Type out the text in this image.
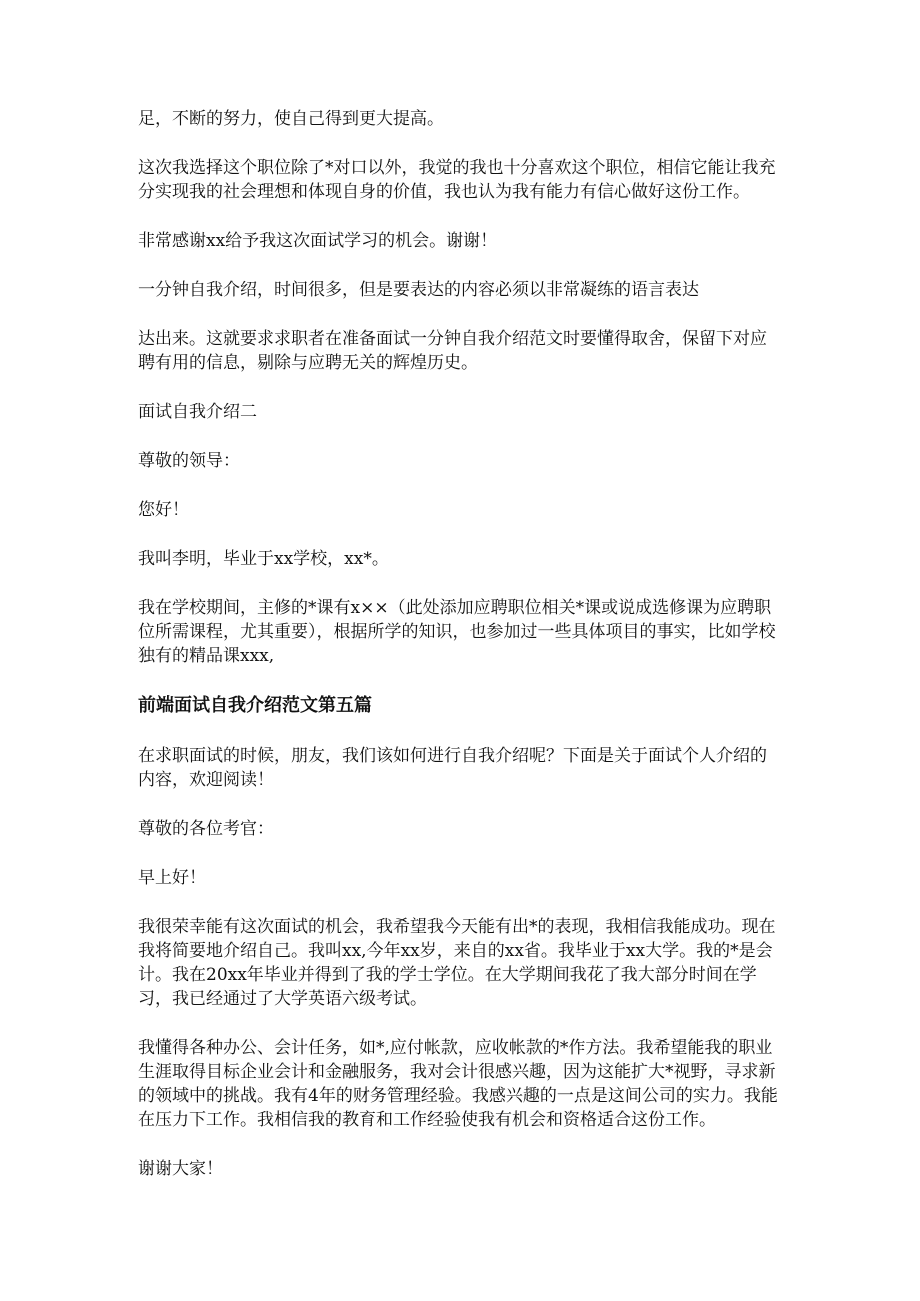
足，不断的努力，使自己得到更大提高。

这次我选择这个职位除了*对口以外，我觉的我也十分喜欢这个职位，相信它能让我充分实现我的社会理想和体现自身的价值，我也认为我有能力有信心做好这份工作。

非常感谢xx给予我这次面试学习的机会。谢谢！

一分钟自我介绍，时间很多，但是要表达的内容必须以非常凝练的语言表达

达出来。这就要求求职者在准备面试一分钟自我介绍范文时要懂得取舍，保留下对应聘有用的信息，剔除与应聘无关的辉煌历史。

面试自我介绍二

尊敬的领导：

您好！

我叫李明，毕业于xx学校，xx*。

我在学校期间，主修的*课有x××（此处添加应聘职位相关*课或说成选修课为应聘职位所需课程，尤其重要），根据所学的知识，也参加过一些具体项目的事实，比如学校独有的精品课xxx,

前端面试自我介绍范文第五篇

在求职面试的时候，朋友，我们该如何进行自我介绍呢？下面是关于面试个人介绍的内容，欢迎阅读！

尊敬的各位考官：

早上好！

我很荣幸能有这次面试的机会，我希望我今天能有出*的表现，我相信我能成功。现在我将简要地介绍自己。我叫xx,今年xx岁，来自的xx省。我毕业于xx大学。我的*是会计。我在20xx年毕业并得到了我的学士学位。在大学期间我花了我大部分时间在学习，我已经通过了大学英语六级考试。

我懂得各种办公、会计任务，如*,应付帐款，应收帐款的*作方法。我希望能我的职业生涯取得目标企业会计和金融服务，我对会计很感兴趣，因为这能扩大*视野，寻求新的领域中的挑战。我有4年的财务管理经验。我感兴趣的一点是这间公司的实力。我能在压力下工作。我相信我的教育和工作经验使我有机会和资格适合这份工作。

谢谢大家！
